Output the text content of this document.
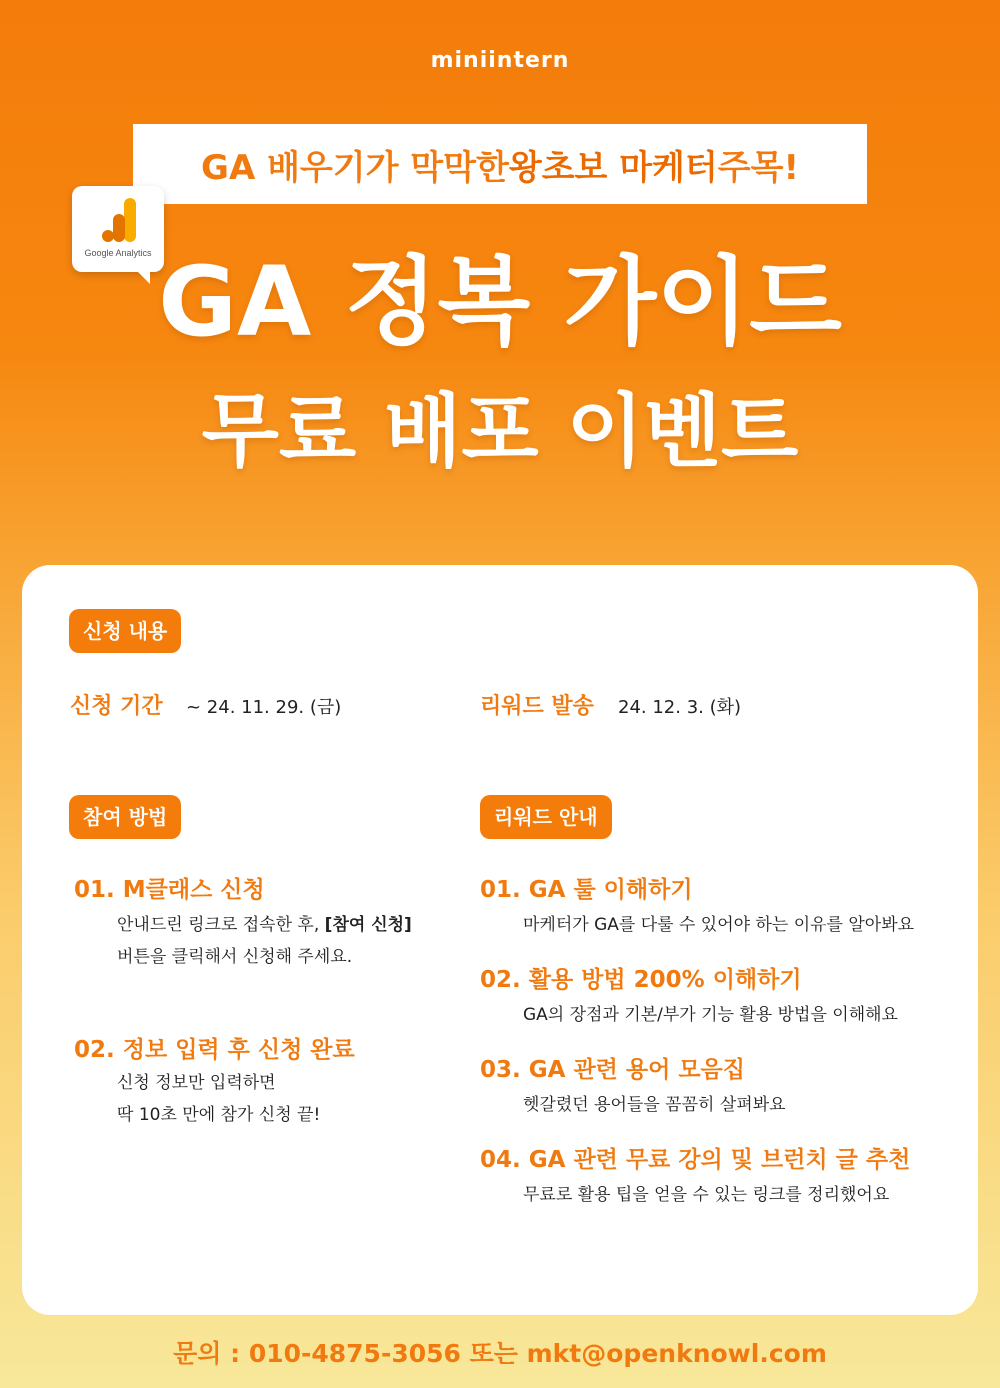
miniintern
GA 배우기가 막막한 왕초보 마케터 주목!
Google Analytics GA 정복 가이드
무료 배포 이벤트
신청 내용
신청 기간 ~ 24. 11. 29. (금)	리워드 발송 24. 12. 3. (화)
참여 방법
01. M클래스 신청
안내드린 링크로 접속한 후, [참여 신청]
버튼을 클릭해서 신청해 주세요.
02. 정보 입력 후 신청 완료
신청 정보만 입력하면
딱 10초 만에 참가 신청 끝!
리워드 안내
01. GA 툴 이해하기
마케터가 GA를 다룰 수 있어야 하는 이유를 알아봐요
02. 활용 방법 200% 이해하기
GA의 장점과 기본/부가 기능 활용 방법을 이해해요
03. GA 관련 용어 모음집
헷갈렸던 용어들을 꼼꼼히 살펴봐요
04. GA 관련 무료 강의 및 브런치 글 추천
무료로 활용 팁을 얻을 수 있는 링크를 정리했어요
문의 : 010-4875-3056 또는 mkt@openknowl.com
